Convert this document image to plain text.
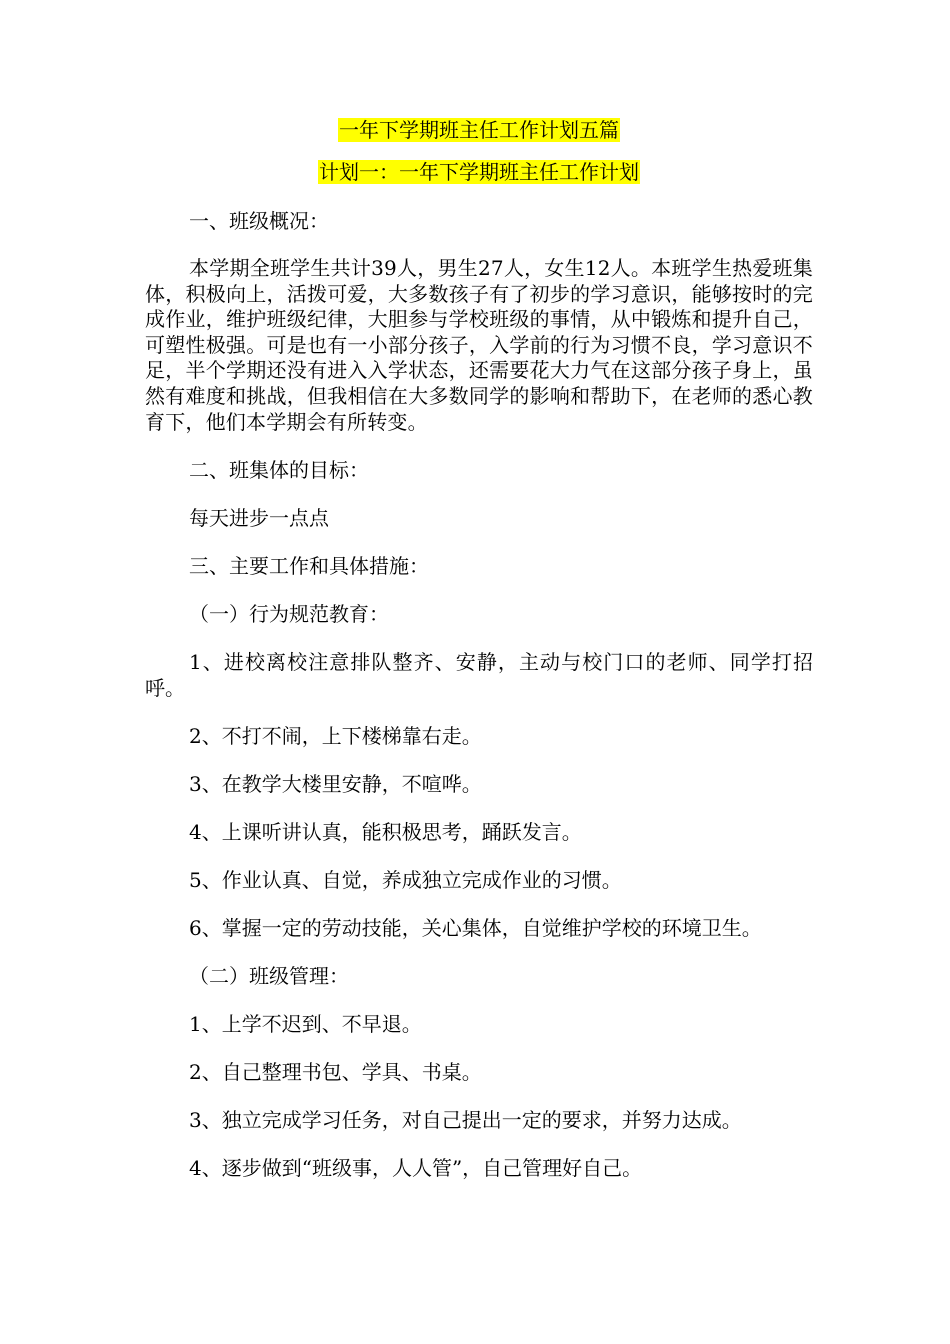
一年下学期班主任工作计划五篇
计划一：一年下学期班主任工作计划

一、班级概况：

本学期全班学生共计39人，男生27人，女生12人。本班学生热爱班集体，积极向上，活拨可爱，大多数孩子有了初步的学习意识，能够按时的完成作业，维护班级纪律，大胆参与学校班级的事情，从中锻炼和提升自己，可塑性极强。可是也有一小部分孩子，入学前的行为习惯不良，学习意识不足，半个学期还没有进入入学状态，还需要花大力气在这部分孩子身上，虽然有难度和挑战，但我相信在大多数同学的影响和帮助下，在老师的悉心教育下，他们本学期会有所转变。

二、班集体的目标：

每天进步一点点

三、主要工作和具体措施：

（一）行为规范教育：

1、进校离校注意排队整齐、安静，主动与校门口的老师、同学打招呼。

2、不打不闹，上下楼梯靠右走。

3、在教学大楼里安静，不喧哗。

4、上课听讲认真，能积极思考，踊跃发言。

5、作业认真、自觉，养成独立完成作业的习惯。

6、掌握一定的劳动技能，关心集体，自觉维护学校的环境卫生。

（二）班级管理：

1、上学不迟到、不早退。

2、自己整理书包、学具、书桌。

3、独立完成学习任务，对自己提出一定的要求，并努力达成。

4、逐步做到“班级事，人人管”，自己管理好自己。
